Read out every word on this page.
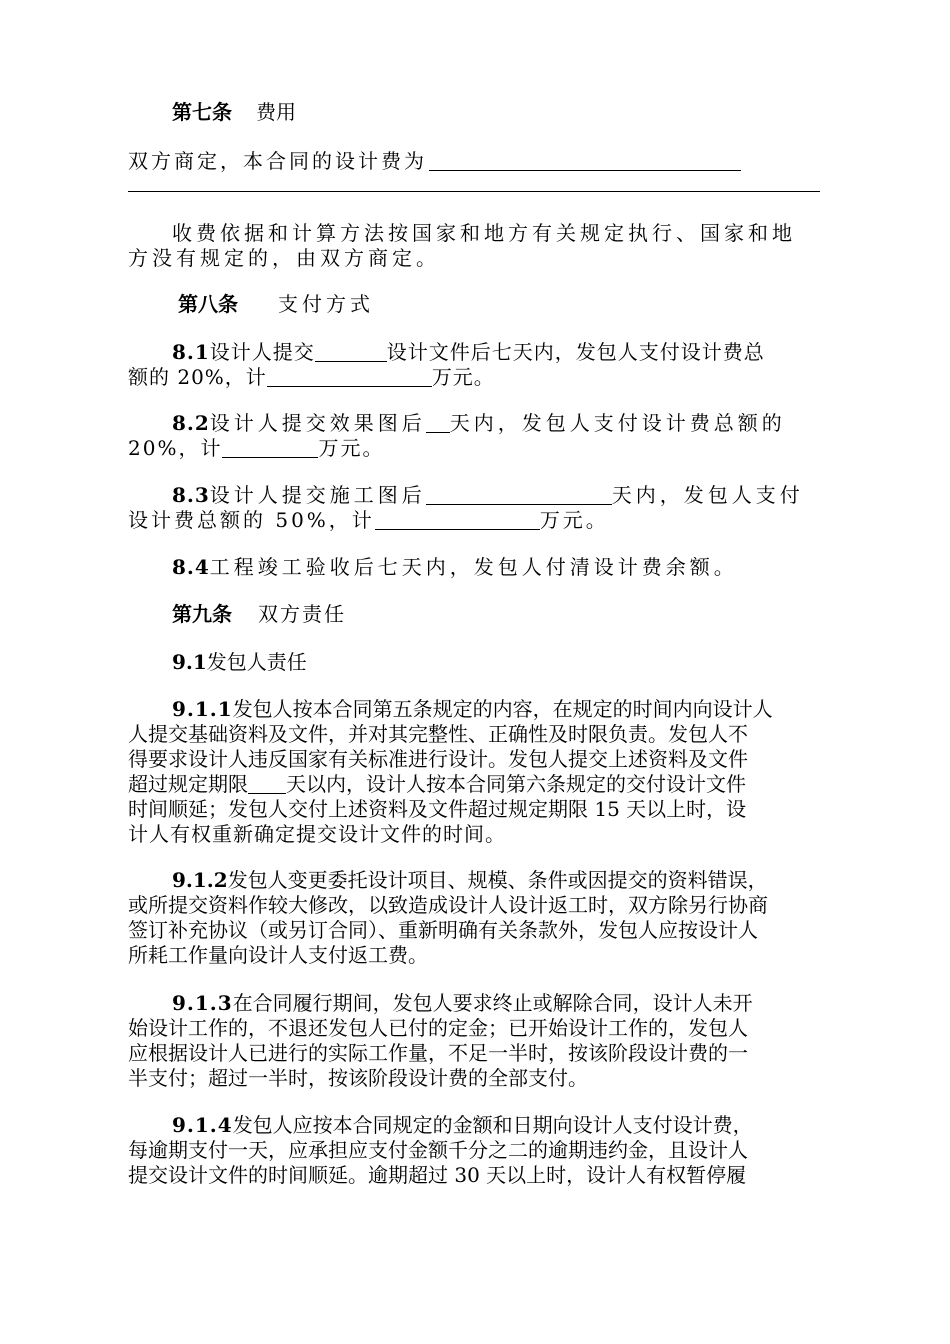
第七条 费用
双方商定，本合同的设计费为
收费依据和计算方法按国家和地方有关规定执行、国家和地
方没有规定的，由双方商定。
第八条 支付方式
8.1设计人提交	设计文件后七天内，发包人支付设计费总
额的 20%，计	万元。
8.2设计人提交效果图后 天内，发包人支付设计费总额的
20%，计	万元。
8.3设计人提交施工图后	天内，发包人支付
设计费总额的 50%，计	万元。
8.4工程竣工验收后七天内，发包人付清设计费余额。
第九条 双方责任
9.1发包人责任
9.1.1发包人按本合同第五条规定的内容，在规定的时间内向设计人
人提交基础资料及文件，并对其完整性、正确性及时限负责。发包人不
得要求设计人违反国家有关标准进行设计。发包人提交上述资料及文件
超过规定期限 天以内，设计人按本合同第六条规定的交付设计文件
时间顺延；发包人交付上述资料及文件超过规定期限 15 天以上时，设
计人有权重新确定提交设计文件的时间。
9.1.2发包人变更委托设计项目、规模、条件或因提交的资料错误，
或所提交资料作较大修改，以致造成设计人设计返工时，双方除另行协商
签订补充协议（或另订合同）、重新明确有关条款外，发包人应按设计人
所耗工作量向设计人支付返工费。
9.1.3在合同履行期间，发包人要求终止或解除合同，设计人未开
始设计工作的，不退还发包人已付的定金；已开始设计工作的，发包人
应根据设计人已进行的实际工作量，不足一半时，按该阶段设计费的一
半支付；超过一半时，按该阶段设计费的全部支付。
9.1.4发包人应按本合同规定的金额和日期向设计人支付设计费，
每逾期支付一天，应承担应支付金额千分之二的逾期违约金，且设计人
提交设计文件的时间顺延。逾期超过 30 天以上时，设计人有权暂停履
